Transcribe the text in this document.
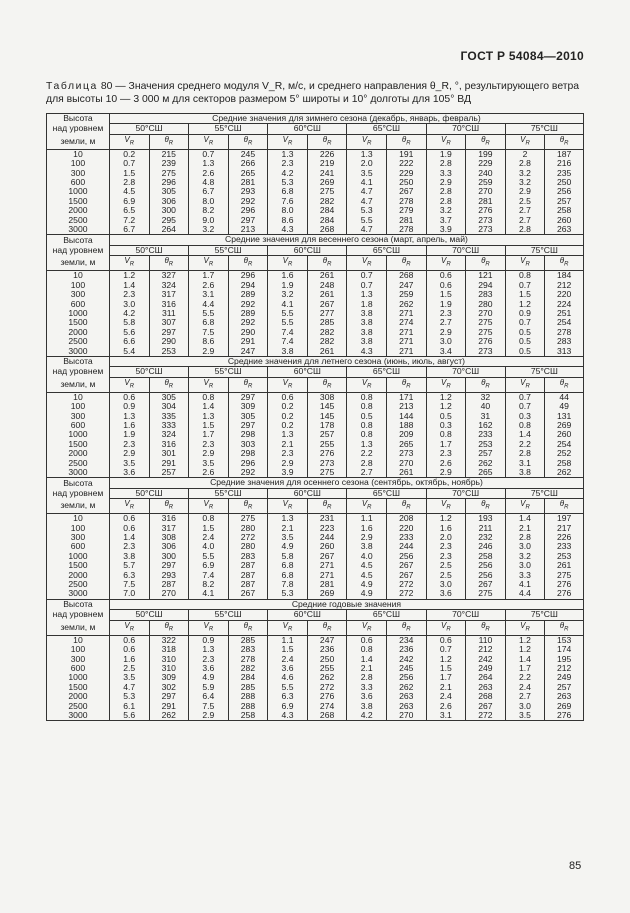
ГОСТ Р 54084—2010
Таблица 80 — Значения среднего модуля V_R, м/с, и среднего направления θ_R, °, результирующего ветра для высоты 10 — 3 000 м для секторов размером 5° широты и 10° долготы для 105° ВД
Высота	Средние значения для зимнего сезона (декабрь, январь, февраль)											
над уровнем	50°СШ		55°СШ		60°СШ		65°СШ		70°СШ		75°СШ	
земли, м	$V_R$	$\theta_R$	$V_R$	$\theta_R$	$V_R$	$\theta_R$	$V_R$	$\theta_R$	$V_R$	$\theta_R$	$V_R$	$\theta_R$
10	0.2	215	0.7	245	1.3	226	1.3	191	1.9	199	2	187
100	0.7	239	1.3	266	2.3	219	2.0	222	2.8	229	2.8	216
300	1.5	275	2.6	265	4.2	241	3.5	229	3.3	240	3.2	235
600	2.8	296	4.8	281	5.3	269	4.1	250	2.9	259	3.2	250
1000	4.5	305	6.7	293	6.8	275	4.7	267	2.8	270	2.9	256
1500	6.9	306	8.0	292	7.6	282	4.7	278	2.8	281	2.5	257
2000	6.5	300	8.2	296	8.0	284	5.3	279	3.2	276	2.7	258
2500	7.2	295	9.0	297	8.6	284	5.5	281	3.7	273	2.7	260
3000	6.7	264	3.2	213	4.3	268	4.7	278	3.9	273	2.8	263
Высота	Средние значения для весеннего сезона (март, апрель, май)											
над уровнем	50°СШ		55°СШ		60°СШ		65°СШ		70°СШ		75°СШ	
земли, м	$V_R$	$\theta_R$	$V_R$	$\theta_R$	$V_R$	$\theta_R$	$V_R$	$\theta_R$	$V_R$	$\theta_R$	$V_R$	$\theta_R$
10	1.2	327	1.7	296	1.6	261	0.7	268	0.6	121	0.8	184
100	1.4	324	2.6	294	1.9	248	0.7	247	0.6	294	0.7	212
300	2.3	317	3.1	289	3.2	261	1.3	259	1.5	283	1.5	220
600	3.0	316	4.4	292	4.1	267	1.8	262	1.9	280	1.2	224
1000	4.2	311	5.5	289	5.5	277	3.8	271	2.3	270	0.9	251
1500	5.8	307	6.8	292	5.5	285	3.8	274	2.7	275	0.7	254
2000	5.6	297	7.5	290	7.4	282	3.8	271	2.9	275	0.5	278
2500	6.6	290	8.6	291	7.4	282	3.8	271	3.0	276	0.5	283
3000	5.4	253	2.9	247	3.8	261	4.3	271	3.4	273	0.5	313
Высота	Средние значения для летнего сезона (июнь, июль, август)											
над уровнем	50°СШ		55°СШ		60°СШ		65°СШ		70°СШ		75°СШ	
земли, м	$V_R$	$\theta_R$	$V_R$	$\theta_R$	$V_R$	$\theta_R$	$V_R$	$\theta_R$	$V_R$	$\theta_R$	$V_R$	$\theta_R$
10	0.6	305	0.8	297	0.6	308	0.8	171	1.2	32	0.7	44
100	0.9	304	1.4	309	0.2	145	0.8	213	1.2	40	0.7	49
300	1.3	335	1.3	305	0.2	145	0.5	144	0.5	31	0.3	131
600	1.6	333	1.5	297	0.2	178	0.8	188	0.3	162	0.8	269
1000	1.9	324	1.7	298	1.3	257	0.8	209	0.8	233	1.4	260
1500	2.3	316	2.3	303	2.1	255	1.3	265	1.7	253	2.2	254
2000	2.9	301	2.9	298	2.3	276	2.2	273	2.3	257	2.8	252
2500	3.5	291	3.5	296	2.9	273	2.8	270	2.6	262	3.1	258
3000	3.6	257	2.6	292	3.9	275	2.7	261	2.9	265	3.8	262
Высота	Средние значения для осеннего сезона (сентябрь, октябрь, ноябрь)											
над уровнем	50°СШ		55°СШ		60°СШ		65°СШ		70°СШ		75°СШ	
земли, м	$V_R$	$\theta_R$	$V_R$	$\theta_R$	$V_R$	$\theta_R$	$V_R$	$\theta_R$	$V_R$	$\theta_R$	$V_R$	$\theta_R$
10	0.6	316	0.8	275	1.3	231	1.1	208	1.2	193	1.4	197
100	0.6	317	1.5	280	2.1	223	1.6	220	1.6	211	2.1	217
300	1.4	308	2.4	272	3.5	244	2.9	233	2.0	232	2.8	226
600	2.3	306	4.0	280	4.9	260	3.8	244	2.3	246	3.0	233
1000	3.8	300	5.5	283	5.8	267	4.0	256	2.3	258	3.2	253
1500	5.7	297	6.9	287	6.8	271	4.5	267	2.5	256	3.0	261
2000	6.3	293	7.4	287	6.8	271	4.5	267	2.5	256	3.3	275
2500	7.5	287	8.2	287	7.8	281	4.9	272	3.0	267	4.1	276
3000	7.0	270	4.1	267	5.3	269	4.9	272	3.6	275	4.4	276
Высота	Средние годовые значения											
над уровнем	50°СШ		55°СШ		60°СШ		65°СШ		70°СШ		75°СШ	
земли, м	$V_R$	$\theta_R$	$V_R$	$\theta_R$	$V_R$	$\theta_R$	$V_R$	$\theta_R$	$V_R$	$\theta_R$	$V_R$	$\theta_R$
10	0.6	322	0.9	285	1.1	247	0.6	234	0.6	110	1.2	153
100	0.6	318	1.3	283	1.5	236	0.8	236	0.7	212	1.2	174
300	1.6	310	2.3	278	2.4	250	1.4	242	1.2	242	1.4	195
600	2.5	310	3.6	282	3.6	255	2.1	245	1.5	249	1.7	212
1000	3.5	309	4.9	284	4.6	262	2.8	256	1.7	264	2.2	249
1500	4.7	302	5.9	285	5.5	272	3.3	262	2.1	263	2.4	257
2000	5.3	297	6.4	288	6.3	276	3.6	263	2.4	268	2.7	263
2500	6.1	291	7.5	288	6.9	274	3.8	263	2.6	267	3.0	269
3000	5.6	262	2.9	258	4.3	268	4.2	270	3.1	272	3.5	276
85
